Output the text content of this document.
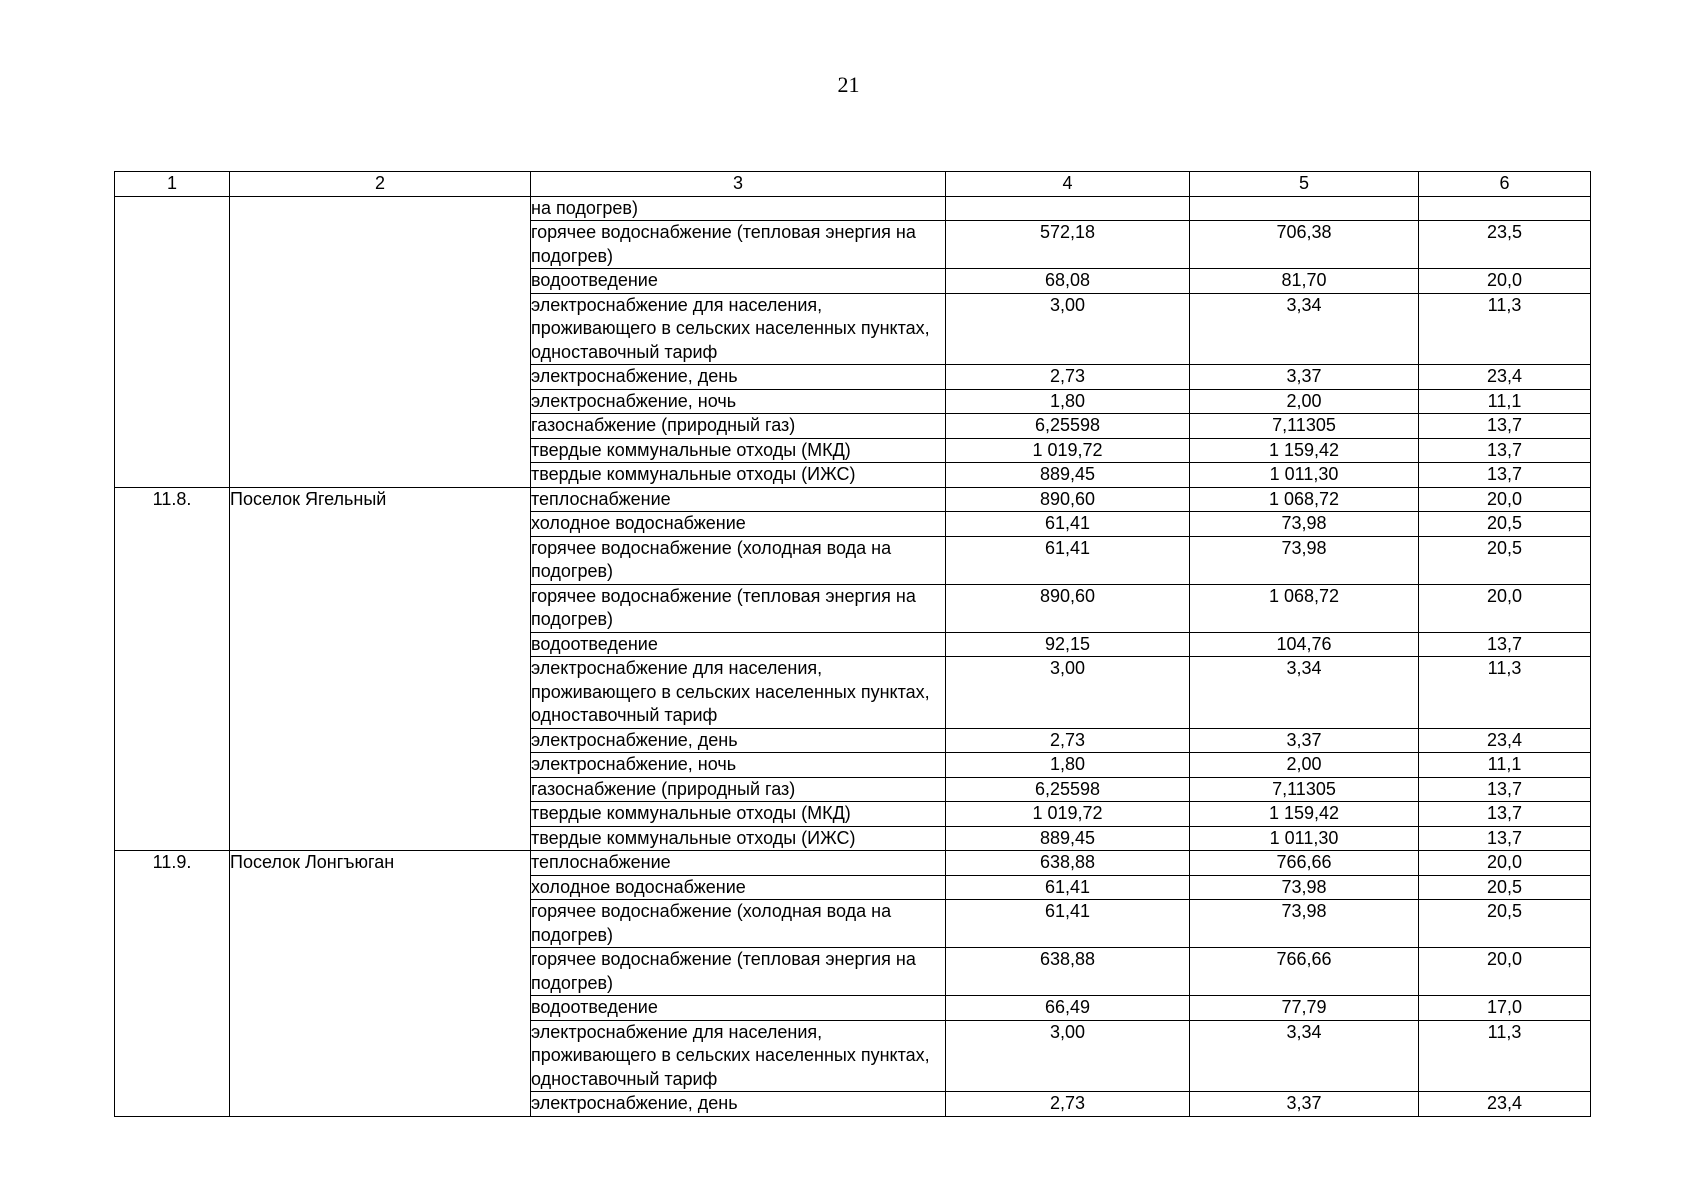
21
1	2	3	4	5	6
		на подогрев)			
		горячее водоснабжение (тепловая энергия на подогрев)	572,18	706,38	23,5
		водоотведение	68,08	81,70	20,0
		электроснабжение для населения, проживающего в сельских населенных пунктах, одноставочный тариф	3,00	3,34	11,3
		электроснабжение, день	2,73	3,37	23,4
		электроснабжение, ночь	1,80	2,00	11,1
		газоснабжение (природный газ)	6,25598	7,11305	13,7
		твердые коммунальные отходы (МКД)	1 019,72	1 159,42	13,7
		твердые коммунальные отходы (ИЖС)	889,45	1 011,30	13,7
11.8.	Поселок Ягельный	теплоснабжение	890,60	1 068,72	20,0
		холодное водоснабжение	61,41	73,98	20,5
		горячее водоснабжение (холодная вода на подогрев)	61,41	73,98	20,5
		горячее водоснабжение (тепловая энергия на подогрев)	890,60	1 068,72	20,0
		водоотведение	92,15	104,76	13,7
		электроснабжение для населения, проживающего в сельских населенных пунктах, одноставочный тариф	3,00	3,34	11,3
		электроснабжение, день	2,73	3,37	23,4
		электроснабжение, ночь	1,80	2,00	11,1
		газоснабжение (природный газ)	6,25598	7,11305	13,7
		твердые коммунальные отходы (МКД)	1 019,72	1 159,42	13,7
		твердые коммунальные отходы (ИЖС)	889,45	1 011,30	13,7
11.9.	Поселок Лонгъюган	теплоснабжение	638,88	766,66	20,0
		холодное водоснабжение	61,41	73,98	20,5
		горячее водоснабжение (холодная вода на подогрев)	61,41	73,98	20,5
		горячее водоснабжение (тепловая энергия на подогрев)	638,88	766,66	20,0
		водоотведение	66,49	77,79	17,0
		электроснабжение для населения, проживающего в сельских населенных пунктах, одноставочный тариф	3,00	3,34	11,3
		электроснабжение, день	2,73	3,37	23,4
